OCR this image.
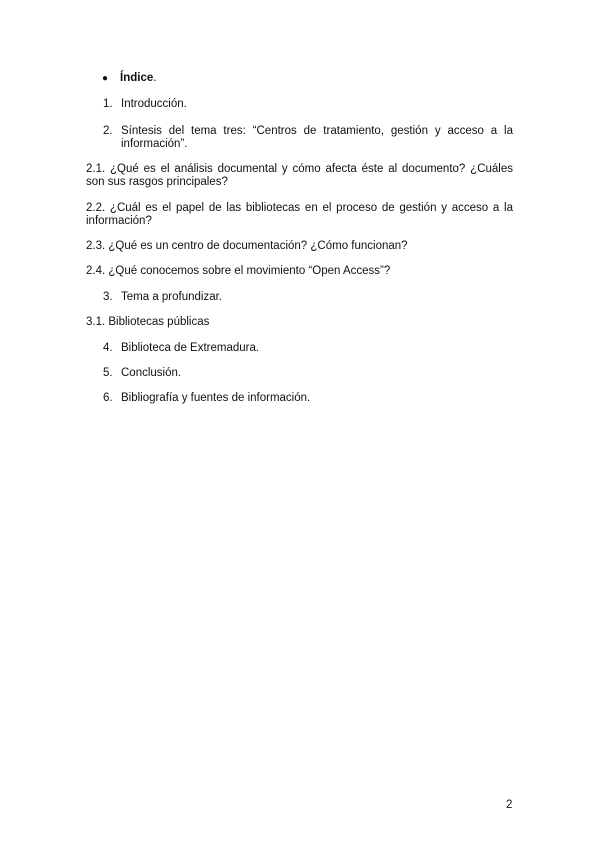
● Índice.
1. Introducción.
2. Síntesis del tema tres: “Centros de tratamiento, gestión y acceso a la información”.
2.1. ¿Qué es el análisis documental y cómo afecta éste al documento? ¿Cuáles son sus rasgos principales?
2.2. ¿Cuál es el papel de las bibliotecas en el proceso de gestión y acceso a la información?
2.3. ¿Qué es un centro de documentación? ¿Cómo funcionan?
2.4. ¿Qué conocemos sobre el movimiento “Open Access”?
3. Tema a profundizar.
3.1. Bibliotecas públicas
4. Biblioteca de Extremadura.
5. Conclusión.
6. Bibliografía y fuentes de información.
2
